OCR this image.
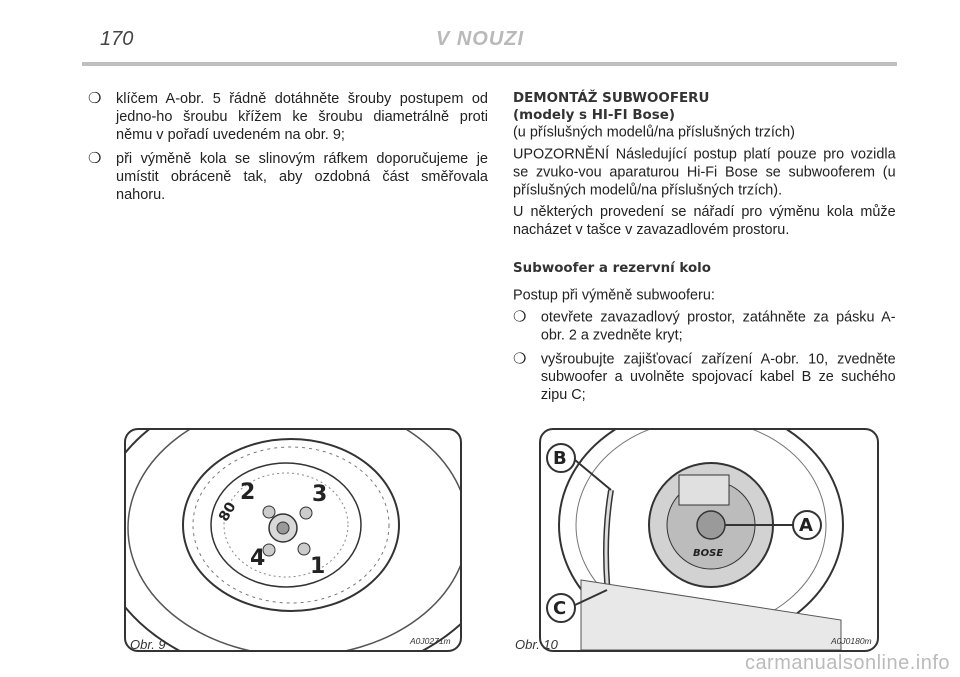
170	V NOUZI
❍ klíčem A-obr. 5 řádně dotáhněte šrouby postupem od jedno-ho šroubu křížem ke šroubu diametrálně proti němu v pořadí uvedeném na obr. 9;
❍ při výměně kola se slinovým ráfkem doporučujeme je umístit obráceně tak, aby ozdobná část směřovala nahoru.
DEMONTÁŽ SUBWOOFERU
(modely s HI-FI Bose)
(u příslušných modelů/na příslušných trzích)
UPOZORNĚNÍ Následující postup platí pouze pro vozidla se zvuko-vou aparaturou Hi-Fi Bose se subwooferem (u příslušných modelů/na příslušných trzích).
U některých provedení se nářadí pro výměnu kola může nacházet v tašce v zavazadlovém prostoru.
Subwoofer a rezervní kolo
Postup při výměně subwooferu:
❍ otevřete zavazadlový prostor, zatáhněte za pásku A-obr. 2 a zvedněte kryt;
❍ vyšroubujte zajišťovací zařízení A-obr. 10, zvedněte subwoofer a uvolněte spojovací kabel B ze suchého zipu C;
2	3
4 1
80
Obr. 9	A0J0271m
B
C
A
BOSE
Obr. 10	A0J0180m
carmanualsonline.info
